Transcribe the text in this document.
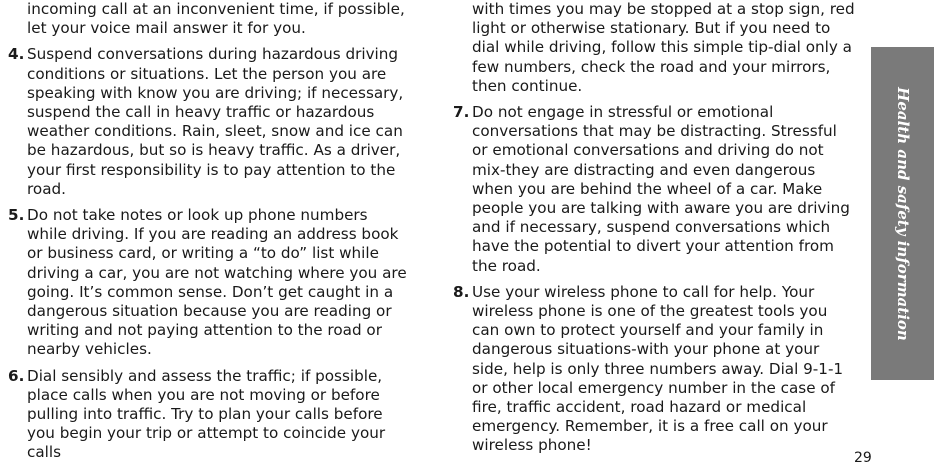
incoming call at an inconvenient time, if possible, let your voice mail answer it for you.

4. Suspend conversations during hazardous driving conditions or situations. Let the person you are speaking with know you are driving; if necessary, suspend the call in heavy traffic or hazardous weather conditions. Rain, sleet, snow and ice can be hazardous, but so is heavy traffic. As a driver, your first responsibility is to pay attention to the road.
5. Do not take notes or look up phone numbers while driving. If you are reading an address book or business card, or writing a “to do” list while driving a car, you are not watching where you are going. It’s common sense. Don’t get caught in a dangerous situation because you are reading or writing and not paying attention to the road or nearby vehicles.
6. Dial sensibly and assess the traffic; if possible, place calls when you are not moving or before pulling into traffic. Try to plan your calls before you begin your trip or attempt to coincide your calls

with times you may be stopped at a stop sign, red light or otherwise stationary. But if you need to dial while driving, follow this simple tip-dial only a few numbers, check the road and your mirrors, then continue.

7. Do not engage in stressful or emotional conversations that may be distracting. Stressful or emotional conversations and driving do not mix-they are distracting and even dangerous when you are behind the wheel of a car. Make people you are talking with aware you are driving and if necessary, suspend conversations which have the potential to divert your attention from the road.
8. Use your wireless phone to call for help. Your wireless phone is one of the greatest tools you can own to protect yourself and your family in dangerous situations-with your phone at your side, help is only three numbers away. Dial 9-1-1 or other local emergency number in the case of fire, traffic accident, road hazard or medical emergency. Remember, it is a free call on your wireless phone!
Health and safety information
29
